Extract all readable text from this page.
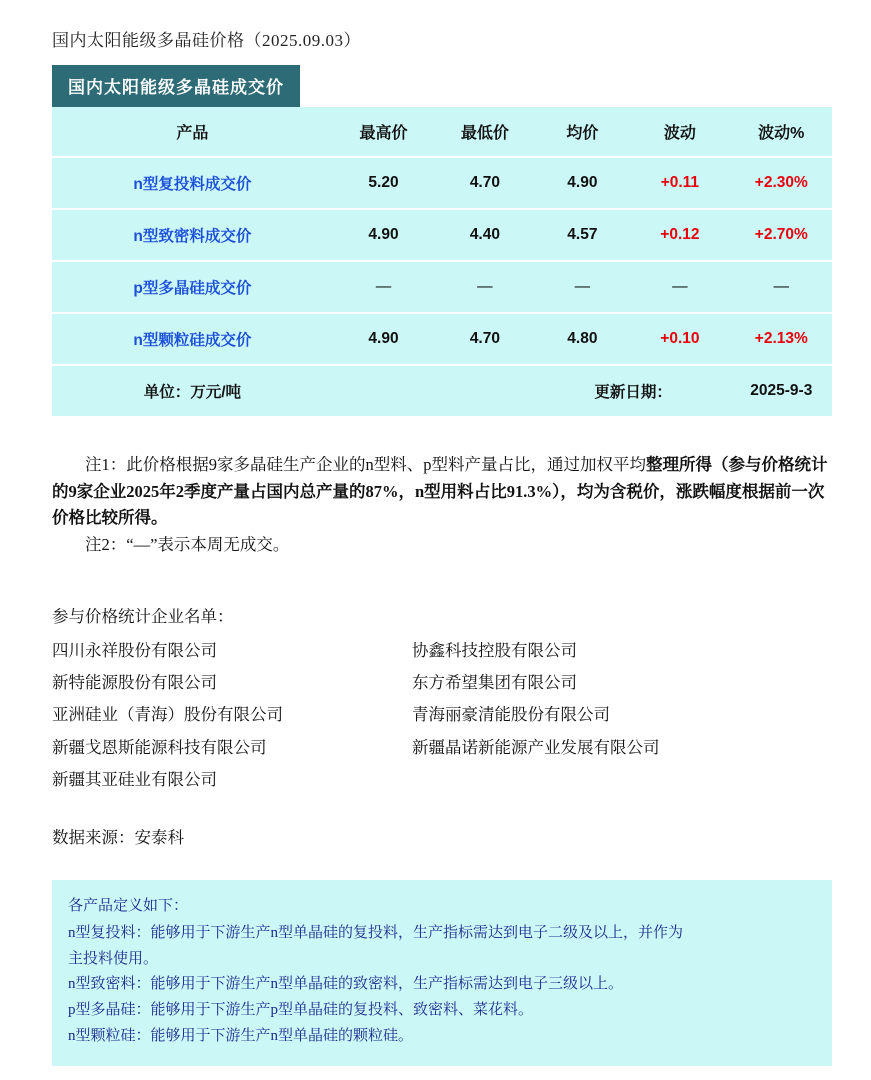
国内太阳能级多晶硅价格（2025.09.03）
国内太阳能级多晶硅成交价
产品	最高价	最低价	均价	波动	波动%
n型复投料成交价	5.20	4.70	4.90	+0.11	+2.30%
n型致密料成交价	4.90	4.40	4.57	+0.12	+2.70%
p型多晶硅成交价	—	—	—	—	—
n型颗粒硅成交价	4.90	4.70	4.80	+0.10	+2.13%
单位：万元/吨			更新日期：		2025-9-3

注1：此价格根据9家多晶硅生产企业的n型料、p型料产量占比，通过加权平均整理所得（参与价格统计的9家企业2025年2季度产量占国内总产量的87%，n型用料占比91.3%），均为含税价，涨跌幅度根据前一次价格比较所得。

注2：“—”表示本周无成交。

参与价格统计企业名单：
四川永祥股份有限公司	协鑫科技控股有限公司
新特能源股份有限公司	东方希望集团有限公司
亚洲硅业（青海）股份有限公司	青海丽豪清能股份有限公司
新疆戈恩斯能源科技有限公司	新疆晶诺新能源产业发展有限公司
新疆其亚硅业有限公司
数据来源：安泰科
各产品定义如下：
n型复投料：能够用于下游生产n型单晶硅的复投料，生产指标需达到电子二级及以上，并作为
主投料使用。
n型致密料：能够用于下游生产n型单晶硅的致密料，生产指标需达到电子三级以上。
p型多晶硅：能够用于下游生产p型单晶硅的复投料、致密料、菜花料。
n型颗粒硅：能够用于下游生产n型单晶硅的颗粒硅。
